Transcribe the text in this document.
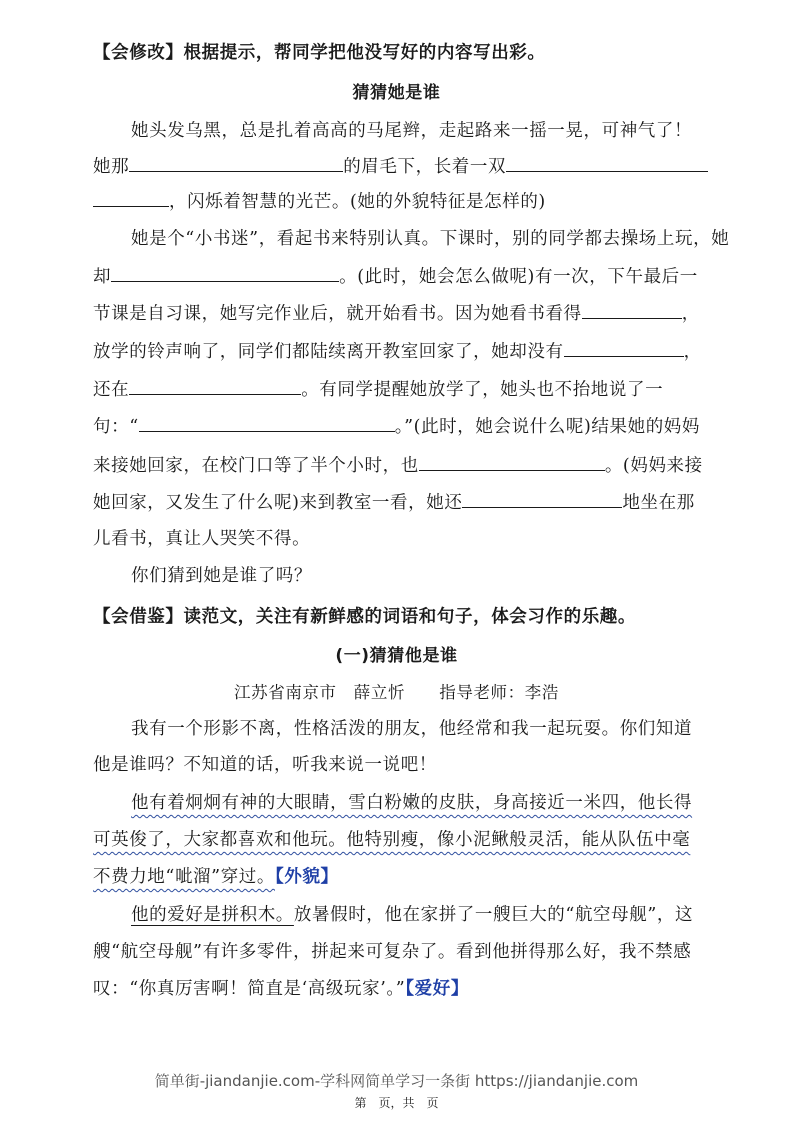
【会修改】根据提示，帮同学把他没写好的内容写出彩。
猜猜她是谁
她头发乌黑，总是扎着高高的马尾辫，走起路来一摇一晃，可神气了！
她那	的眉毛下，长着一双
，闪烁着智慧的光芒。(她的外貌特征是怎样的)
她是个“小书迷”，看起书来特别认真。下课时，别的同学都去操场上玩，她
却	。(此时，她会怎么做呢)有一次，下午最后一
节课是自习课，她写完作业后，就开始看书。因为她看书看得	，
放学的铃声响了，同学们都陆续离开教室回家了，她却没有	，
还在	。有同学提醒她放学了，她头也不抬地说了一
句：“	。”(此时，她会说什么呢)结果她的妈妈
来接她回家，在校门口等了半个小时，也	。(妈妈来接
她回家，又发生了什么呢)来到教室一看，她还	地坐在那
儿看书，真让人哭笑不得。
你们猜到她是谁了吗？
【会借鉴】读范文，关注有新鲜感的词语和句子，体会习作的乐趣。
(一)猜猜他是谁
江苏省南京市　薛立忻　　指导老师：李浩
我有一个形影不离，性格活泼的朋友，他经常和我一起玩耍。你们知道
他是谁吗？不知道的话，听我来说一说吧！
他有着炯炯有神的大眼睛，雪白粉嫩的皮肤，身高接近一米四，他长得
可英俊了，大家都喜欢和他玩。他特别瘦，像小泥鳅般灵活，能从队伍中毫
不费力地“呲溜”穿过。【外貌】
他的爱好是拼积木。放暑假时，他在家拼了一艘巨大的“航空母舰”，这
艘“航空母舰”有许多零件，拼起来可复杂了。看到他拼得那么好，我不禁感
叹：“你真厉害啊！简直是‘高级玩家’。”【爱好】
简单街-jiandanjie.com-学科网简单学习一条街 https://jiandanjie.com
第　页，共　页
